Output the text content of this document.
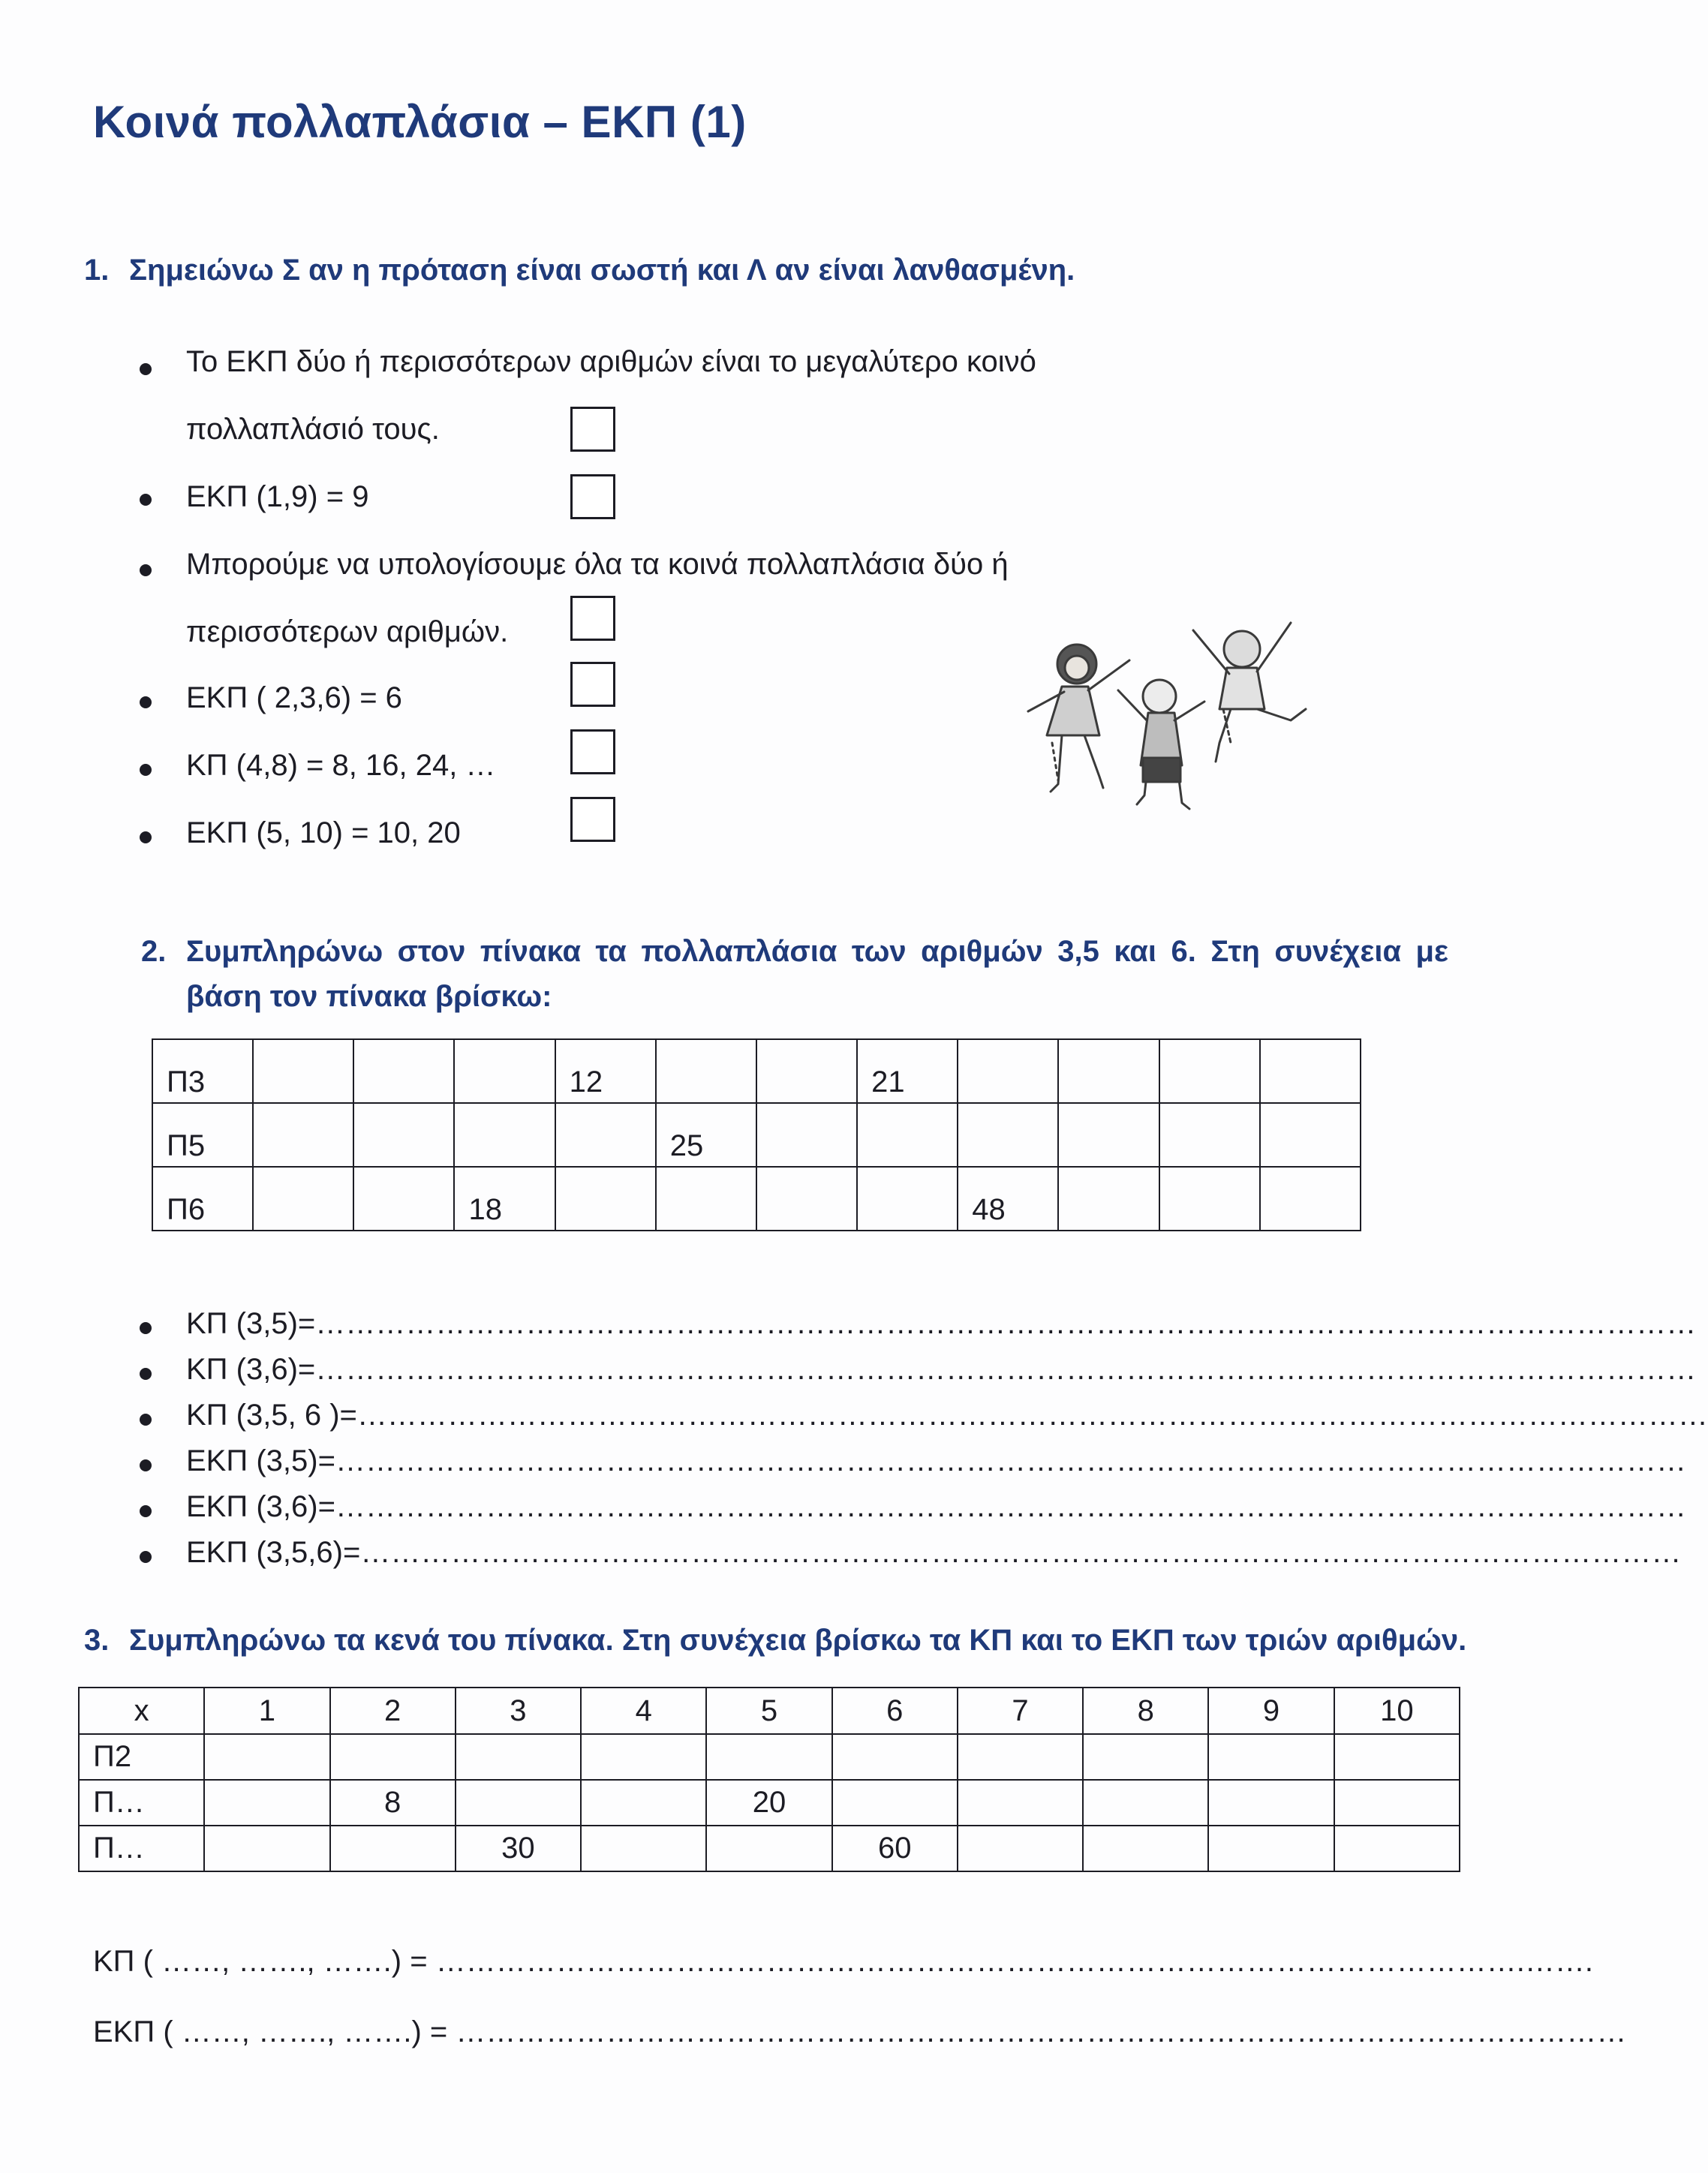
Κοινά πολλαπλάσια – ΕΚΠ (1)
1. Σημειώνω Σ αν η πρόταση είναι σωστή και Λ αν είναι λανθασμένη.
Το ΕΚΠ δύο ή περισσότερων αριθμών είναι το μεγαλύτερο κοινό
πολλαπλάσιό τους.
ΕΚΠ (1,9) = 9
Μπορούμε να υπολογίσουμε όλα τα κοινά πολλαπλάσια δύο ή
περισσότερων αριθμών.
ΕΚΠ ( 2,3,6) = 6
ΚΠ (4,8) = 8, 16, 24, …
ΕΚΠ (5, 10) = 10, 20
2. Συμπληρώνω στον πίνακα τα πολλαπλάσια των αριθμών 3,5 και 6. Στη συνέχεια με βάση τον πίνακα βρίσκω:
Π3				12			21				
Π5					25						
Π6			18					48			
ΚΠ (3,5)=…………………………………………………………………………………………………………………………
ΚΠ (3,6)=…………………………………………………………………………………………………………………………
ΚΠ (3,5, 6 )=………………………………………………………………………………………………………………………
ΕΚΠ (3,5)=………………………………………………………………………………………………………………………
ΕΚΠ (3,6)=………………………………………………………………………………………………………………………
ΕΚΠ (3,5,6)=……………………………………………………………………………………………………………………
3. Συμπληρώνω τα κενά του πίνακα. Στη συνέχεια βρίσκω τα ΚΠ και το ΕΚΠ των τριών αριθμών.
x	1	2	3	4	5	6	7	8	9	10
Π2										
Π…		8			20					
Π…			30			60				
ΚΠ ( ……, ……., …….) = ……………………………………………………………………………………………….…….
ΕΚΠ ( ……, ……., …….) = ………………………………………………………………………………………………………
